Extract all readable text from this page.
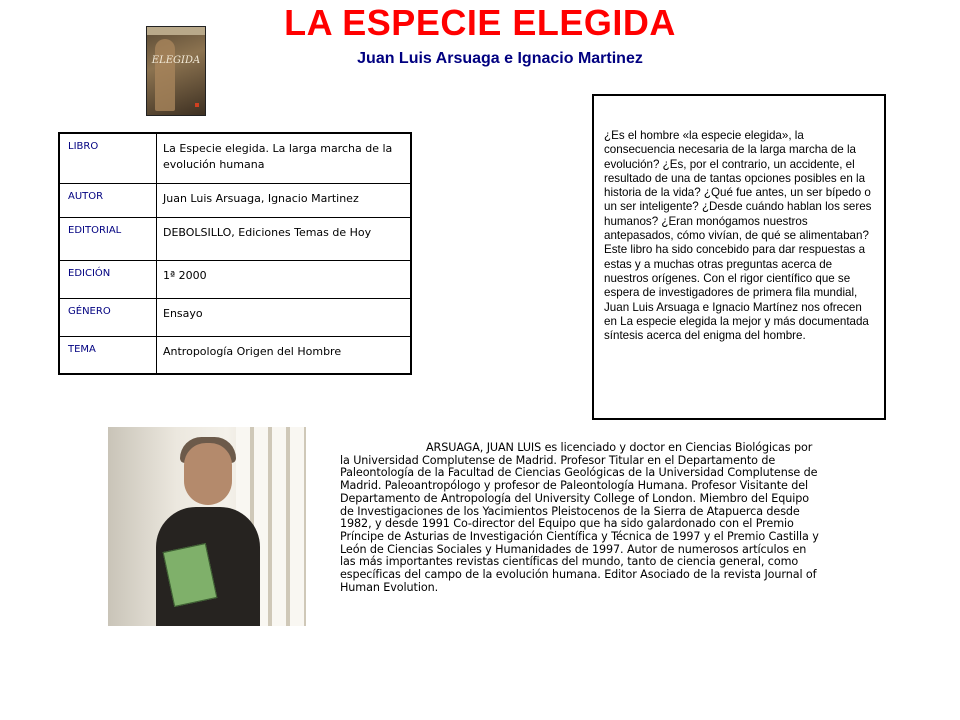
LA ESPECIE ELEGIDA
Juan Luis Arsuaga e Ignacio Martinez
ELEGIDA
LIBRO	La Especie elegida. La larga marcha de la evolución humana
AUTOR	Juan Luis Arsuaga, Ignacio Martinez
EDITORIAL	DEBOLSILLO, Ediciones Temas de Hoy
EDICIÓN	1ª 2000
GÉNERO	Ensayo
TEMA	Antropología Origen del Hombre
¿Es el hombre «la especie elegida», la consecuencia necesaria de la larga marcha de la evolución? ¿Es, por el contrario, un accidente, el resultado de una de tantas opciones posibles en la historia de la vida? ¿Qué fue antes, un ser bípedo o un ser inteligente? ¿Desde cuándo hablan los seres humanos? ¿Eran monógamos nuestros antepasados, cómo vivían, de qué se alimentaban? Este libro ha sido concebido para dar respuestas a estas y a muchas otras preguntas acerca de nuestros orígenes. Con el rigor científico que se espera de investigadores de primera fila mundial, Juan Luis Arsuaga e Ignacio Martínez nos ofrecen en La especie elegida la mejor y más documentada síntesis acerca del enigma del hombre.
ARSUAGA, JUAN LUIS es licenciado y doctor en Ciencias Biológicas por la Universidad Complutense de Madrid. Profesor Titular en el Departamento de Paleontología de la Facultad de Ciencias Geológicas de la Universidad Complutense de Madrid. Paleoantropólogo y profesor de Paleontología Humana. Profesor Visitante del Departamento de Antropología del University College of London. Miembro del Equipo de Investigaciones de los Yacimientos Pleistocenos de la Sierra de Atapuerca desde 1982, y desde 1991 Co-director del Equipo que ha sido galardonado con el Premio Príncipe de Asturias de Investigación Científica y Técnica de 1997 y el Premio Castilla y León de Ciencias Sociales y Humanidades de 1997. Autor de numerosos artículos en las más importantes revistas científicas del mundo, tanto de ciencia general, como específicas del campo de la evolución humana. Editor Asociado de la revista Journal of Human Evolution.
